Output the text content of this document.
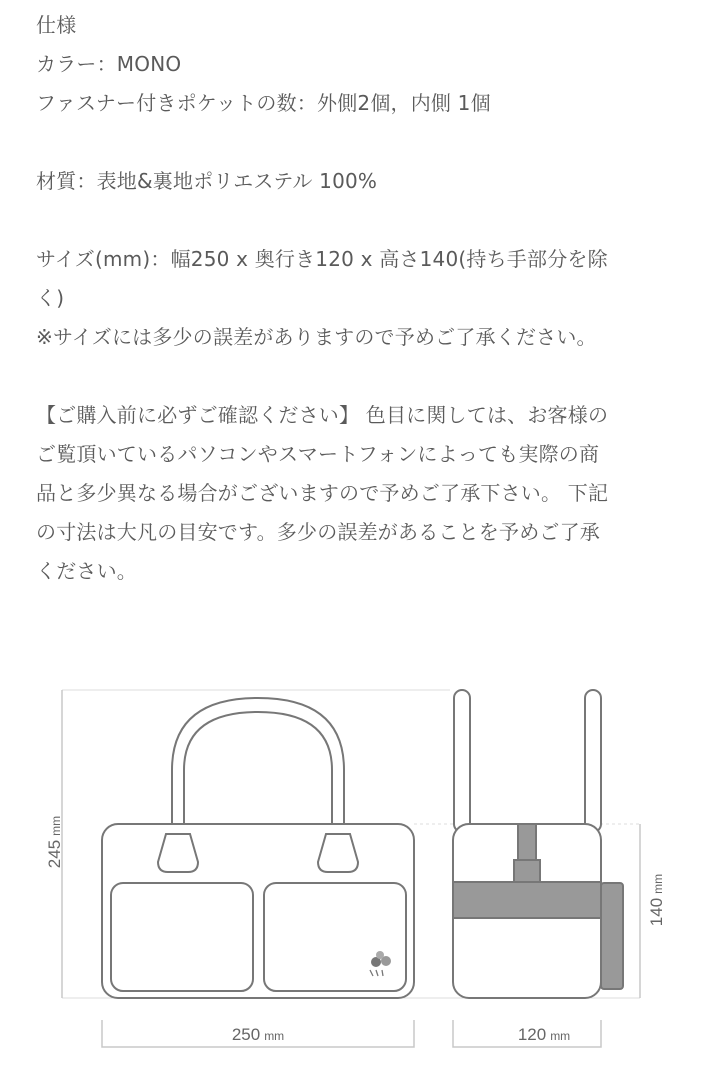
仕様

カラー：MONO

ファスナー付きポケットの数：外側2個，内側 1個

材質：表地&裏地ポリエステル 100%

サイズ(mm)：幅250 x 奥行き120 x 高さ140(持ち手部分を除

く)

※サイズには多少の誤差がありますので予めご了承ください。

【ご購入前に必ずご確認ください】 色目に関しては、お客様の

ご覧頂いているパソコンやスマートフォンによっても実際の商

品と多少異なる場合がございますので予めご了承下さい。 下記

の寸法は大凡の目安です。多少の誤差があることを予めご了承

ください。

245mm
140mm
250 mm	120 mm
